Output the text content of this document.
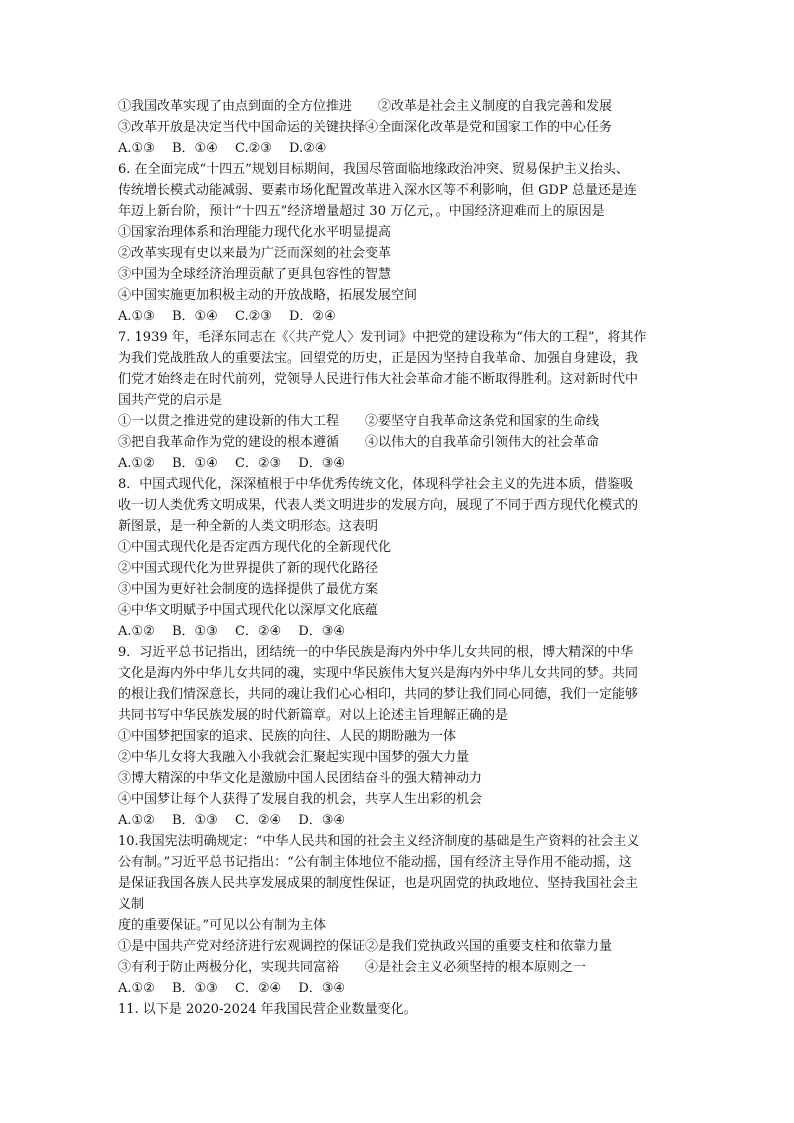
①我国改革实现了由点到面的全方位推进　　②改革是社会主义制度的自我完善和发展
③改革开放是决定当代中国命运的关键抉择④全面深化改革是党和国家工作的中心任务
A.①③　 B．①④　 C.②③　 D.②④
6. 在全面完成“十四五”规划目标期间，我国尽管面临地缘政治冲突、贸易保护主义抬头、
传统增长模式动能减弱、要素市场化配置改革进入深水区等不利影响，但 GDP 总量还是连
年迈上新台阶，预计“十四五”经济增量超过 30 万亿元，。中国经济迎难而上的原因是
①国家治理体系和治理能力现代化水平明显提高
②改革实现有史以来最为广泛而深刻的社会变革
③中国为全球经济治理贡献了更具包容性的智慧
④中国实施更加积极主动的开放战略，拓展发展空间
A.①③　 B．①④　 C.②③　 D．②④
7. 1939 年，毛泽东同志在《〈共产党人〉发刊词》中把党的建设称为“伟大的工程”，将其作
为我们党战胜敌人的重要法宝。回望党的历史，正是因为坚持自我革命、加强自身建设，我
们党才始终走在时代前列，党领导人民进行伟大社会革命才能不断取得胜利。这对新时代中
国共产党的启示是
①一以贯之推进党的建设新的伟大工程　　②要坚守自我革命这条党和国家的生命线
③把自我革命作为党的建设的根本遵循　　④以伟大的自我革命引领伟大的社会革命
A.①②　 B．①④　 C．②③　 D．③④
8．中国式现代化，深深植根于中华优秀传统文化，体现科学社会主义的先进本质，借鉴吸
收一切人类优秀文明成果，代表人类文明进步的发展方向，展现了不同于西方现代化模式的
新图景，是一种全新的人类文明形态。这表明
①中国式现代化是否定西方现代化的全新现代化
②中国式现代化为世界提供了新的现代化路径
③中国为更好社会制度的选择提供了最优方案
④中华文明赋予中国式现代化以深厚文化底蕴
A.①②　 B．①③　 C．②④　 D．③④
9．习近平总书记指出，团结统一的中华民族是海内外中华儿女共同的根，博大精深的中华
文化是海内外中华儿女共同的魂，实现中华民族伟大复兴是海内外中华儿女共同的梦。共同
的根让我们情深意长，共同的魂让我们心心相印，共同的梦让我们同心同德，我们一定能够
共同书写中华民族发展的时代新篇章。对以上论述主旨理解正确的是
①中国梦把国家的追求、民族的向往、人民的期盼融为一体
②中华儿女将大我融入小我就会汇聚起实现中国梦的强大力量
③博大精深的中华文化是激励中国人民团结奋斗的强大精神动力
④中国梦让每个人获得了发展自我的机会，共享人生出彩的机会
A.①②　 B．①③　 C．②④　 D．③④
10.我国宪法明确规定：“中华人民共和国的社会主义经济制度的基础是生产资料的社会主义
公有制。”习近平总书记指出：“公有制主体地位不能动摇，国有经济主导作用不能动摇，这
是保证我国各族人民共享发展成果的制度性保证，也是巩固党的执政地位、坚持我国社会主
义制
度的重要保证。”可见以公有制为主体
①是中国共产党对经济进行宏观调控的保证②是我们党执政兴国的重要支柱和依靠力量
③有利于防止两极分化，实现共同富裕　　④是社会主义必须坚持的根本原则之一
A.①②　 B．①③　 C．②④　 D．③④
11. 以下是 2020-2024 年我国民营企业数量变化。
